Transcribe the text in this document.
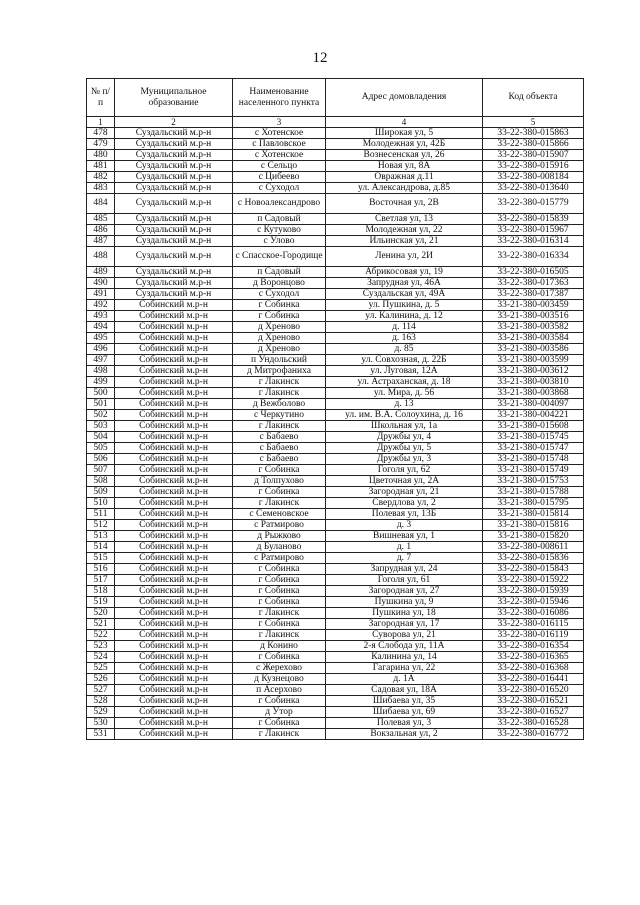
12
№ п/п	Муниципальное образование	Наименование населенного пункта	Адрес домовладения	Код объекта
1	2	3	4	5
478	Суздальский м.р-н	с Хотенское	Широкая ул, 5	33-22-380-015863
479	Суздальский м.р-н	с Павловское	Молодежная ул, 42Б	33-22-380-015866
480	Суздальский м.р-н	с Хотенское	Вознесенская ул, 26	33-22-380-015907
481	Суздальский м.р-н	с Сельцо	Новая ул, 8А	33-22-380-015916
482	Суздальский м.р-н	с Цибеево	Овражная д.11	33-22-380-008184
483	Суздальский м.р-н	с Суходол	ул. Александрова, д.85	33-22-380-013640
484	Суздальский м.р-н	с Новоалександрово	Восточная ул, 2В	33-22-380-015779
485	Суздальский м.р-н	п Садовый	Светлая ул, 13	33-22-380-015839
486	Суздальский м.р-н	с Кутуково	Молодежная ул, 22	33-22-380-015967
487	Суздальский м.р-н	с Улово	Ильинская ул, 21	33-22-380-016314
488	Суздальский м.р-н	с Спасское-Городище	Ленина ул, 2И	33-22-380-016334
489	Суздальский м.р-н	п Садовый	Абрикосовая ул, 19	33-22-380-016505
490	Суздальский м.р-н	д Воронцово	Запрудная ул, 46А	33-22-380-017363
491	Суздальский м.р-н	с Суходол	Суздальская ул, 49А	33-22-380-017387
492	Собинский м.р-н	г Собинка	ул. Пушкина, д. 5	33-21-380-003459
493	Собинский м.р-н	г Собинка	ул. Калинина, д. 12	33-21-380-003516
494	Собинский м.р-н	д Хреново	д. 114	33-21-380-003582
495	Собинский м.р-н	д Хреново	д. 163	33-21-380-003584
496	Собинский м.р-н	д Хреново	д. 85	33-21-380-003586
497	Собинский м.р-н	п Ундольский	ул. Совхозная, д. 22Б	33-21-380-003599
498	Собинский м.р-н	д Митрофаниха	ул. Луговая, 12А	33-21-380-003612
499	Собинский м.р-н	г Лакинск	ул. Астраханская, д. 18	33-21-380-003810
500	Собинский м.р-н	г Лакинск	ул. Мира, д. 56	33-21-380-003868
501	Собинский м.р-н	д Вежболово	д. 13	33-21-380-004097
502	Собинский м.р-н	с Черкутино	ул. им. В.А. Солоухина, д. 16	33-21-380-004221
503	Собинский м.р-н	г Лакинск	Школьная ул, 1а	33-21-380-015608
504	Собинский м.р-н	с Бабаево	Дружбы ул, 4	33-21-380-015745
505	Собинский м.р-н	с Бабаево	Дружбы ул, 5	33-21-380-015747
506	Собинский м.р-н	с Бабаево	Дружбы ул, 3	33-21-380-015748
507	Собинский м.р-н	г Собинка	Гоголя ул, 62	33-21-380-015749
508	Собинский м.р-н	д Толпухово	Цветочная ул, 2А	33-21-380-015753
509	Собинский м.р-н	г Собинка	Загородная ул, 21	33-21-380-015788
510	Собинский м.р-н	г Лакинск	Свердлова ул, 2	33-21-380-015795
511	Собинский м.р-н	с Семеновское	Полевая ул, 13Б	33-21-380-015814
512	Собинский м.р-н	с Ратмирово	д. 3	33-21-380-015816
513	Собинский м.р-н	д Рыжково	Вишневая ул, 1	33-21-380-015820
514	Собинский м.р-н	д Буланово	д. 1	33-22-380-008611
515	Собинский м.р-н	с Ратмирово	д. 7	33-22-380-015836
516	Собинский м.р-н	г Собинка	Запрудная ул, 24	33-22-380-015843
517	Собинский м.р-н	г Собинка	Гоголя ул, 61	33-22-380-015922
518	Собинский м.р-н	г Собинка	Загородная ул, 27	33-22-380-015939
519	Собинский м.р-н	г Собинка	Пушкина ул, 9	33-22-380-015946
520	Собинский м.р-н	г Лакинск	Пушкина ул, 18	33-22-380-016086
521	Собинский м.р-н	г Собинка	Загородная ул, 17	33-22-380-016115
522	Собинский м.р-н	г Лакинск	Суворова ул, 21	33-22-380-016119
523	Собинский м.р-н	д Конино	2-я Слобода ул, 11А	33-22-380-016354
524	Собинский м.р-н	г Собинка	Калинина ул, 14	33-22-380-016365
525	Собинский м.р-н	с Жерехово	Гагарина ул, 22	33-22-380-016368
526	Собинский м.р-н	д Кузнецово	д. 1А	33-22-380-016441
527	Собинский м.р-н	п Асерхово	Садовая ул, 18А	33-22-380-016520
528	Собинский м.р-н	г Собинка	Шибаева ул, 35	33-22-380-016521
529	Собинский м.р-н	д Утор	Шибаева ул, 69	33-22-380-016527
530	Собинский м.р-н	г Собинка	Полевая ул, 3	33-22-380-016528
531	Собинский м.р-н	г Лакинск	Вокзальная ул, 2	33-22-380-016772
